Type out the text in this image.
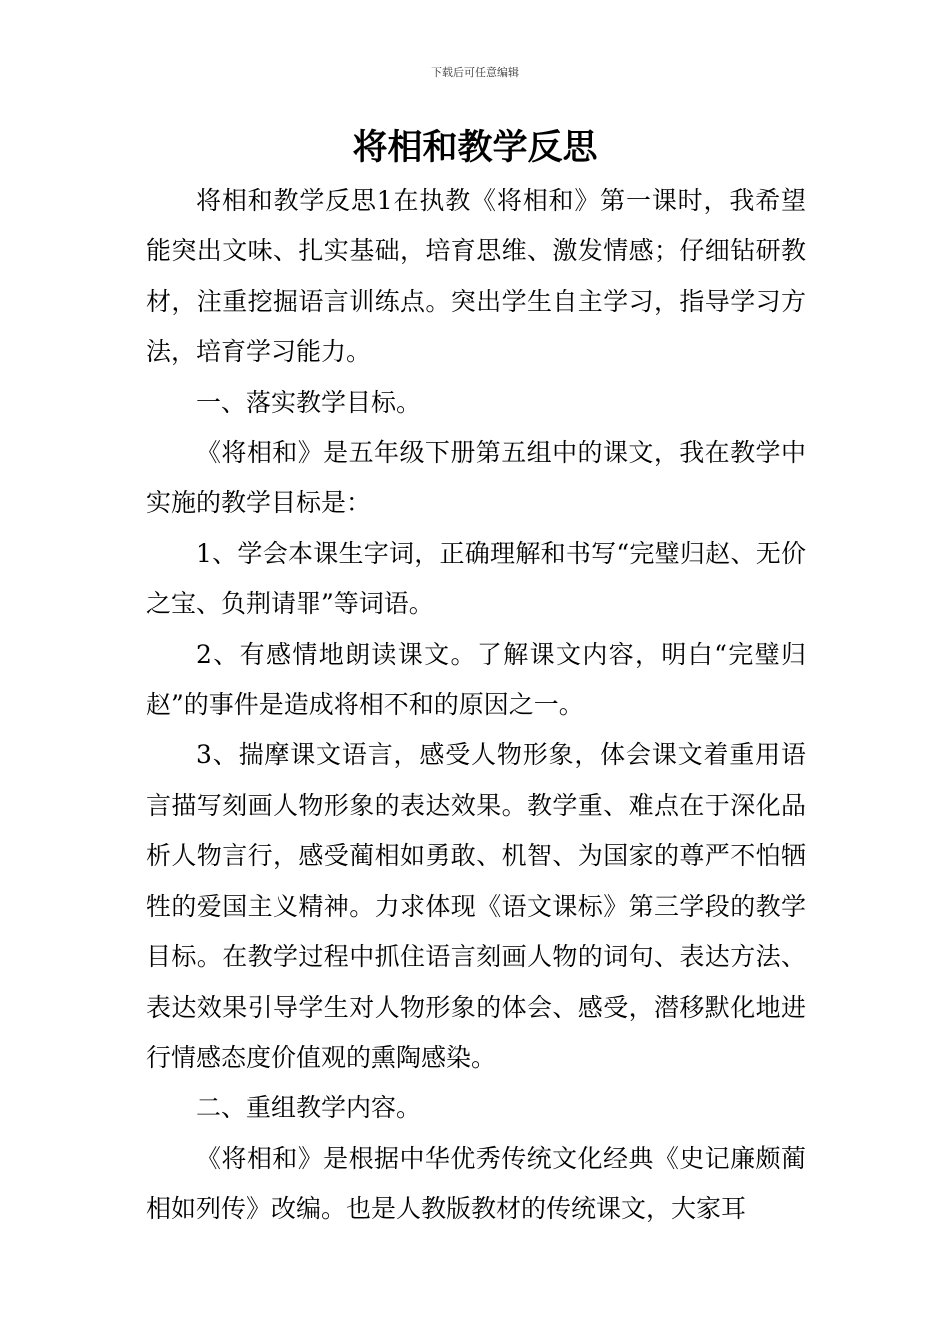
下载后可任意编辑
将相和教学反思

将相和教学反思1在执教《将相和》第一课时，我希望能突出文味、扎实基础，培育思维、激发情感；仔细钻研教材，注重挖掘语言训练点。突出学生自主学习，指导学习方法，培育学习能力。

一、落实教学目标。

《将相和》是五年级下册第五组中的课文，我在教学中实施的教学目标是：

1、学会本课生字词，正确理解和书写“完璧归赵、无价之宝、负荆请罪”等词语。

2、有感情地朗读课文。了解课文内容，明白“完璧归赵”的事件是造成将相不和的原因之一。

3、揣摩课文语言，感受人物形象，体会课文着重用语言描写刻画人物形象的表达效果。教学重、难点在于深化品析人物言行，感受蔺相如勇敢、机智、为国家的尊严不怕牺牲的爱国主义精神。力求体现《语文课标》第三学段的教学目标。在教学过程中抓住语言刻画人物的词句、表达方法、表达效果引导学生对人物形象的体会、感受，潜移默化地进行情感态度价值观的熏陶感染。

二、重组教学内容。

《将相和》是根据中华优秀传统文化经典《史记廉颇蔺相如列传》改编。也是人教版教材的传统课文，大家耳
